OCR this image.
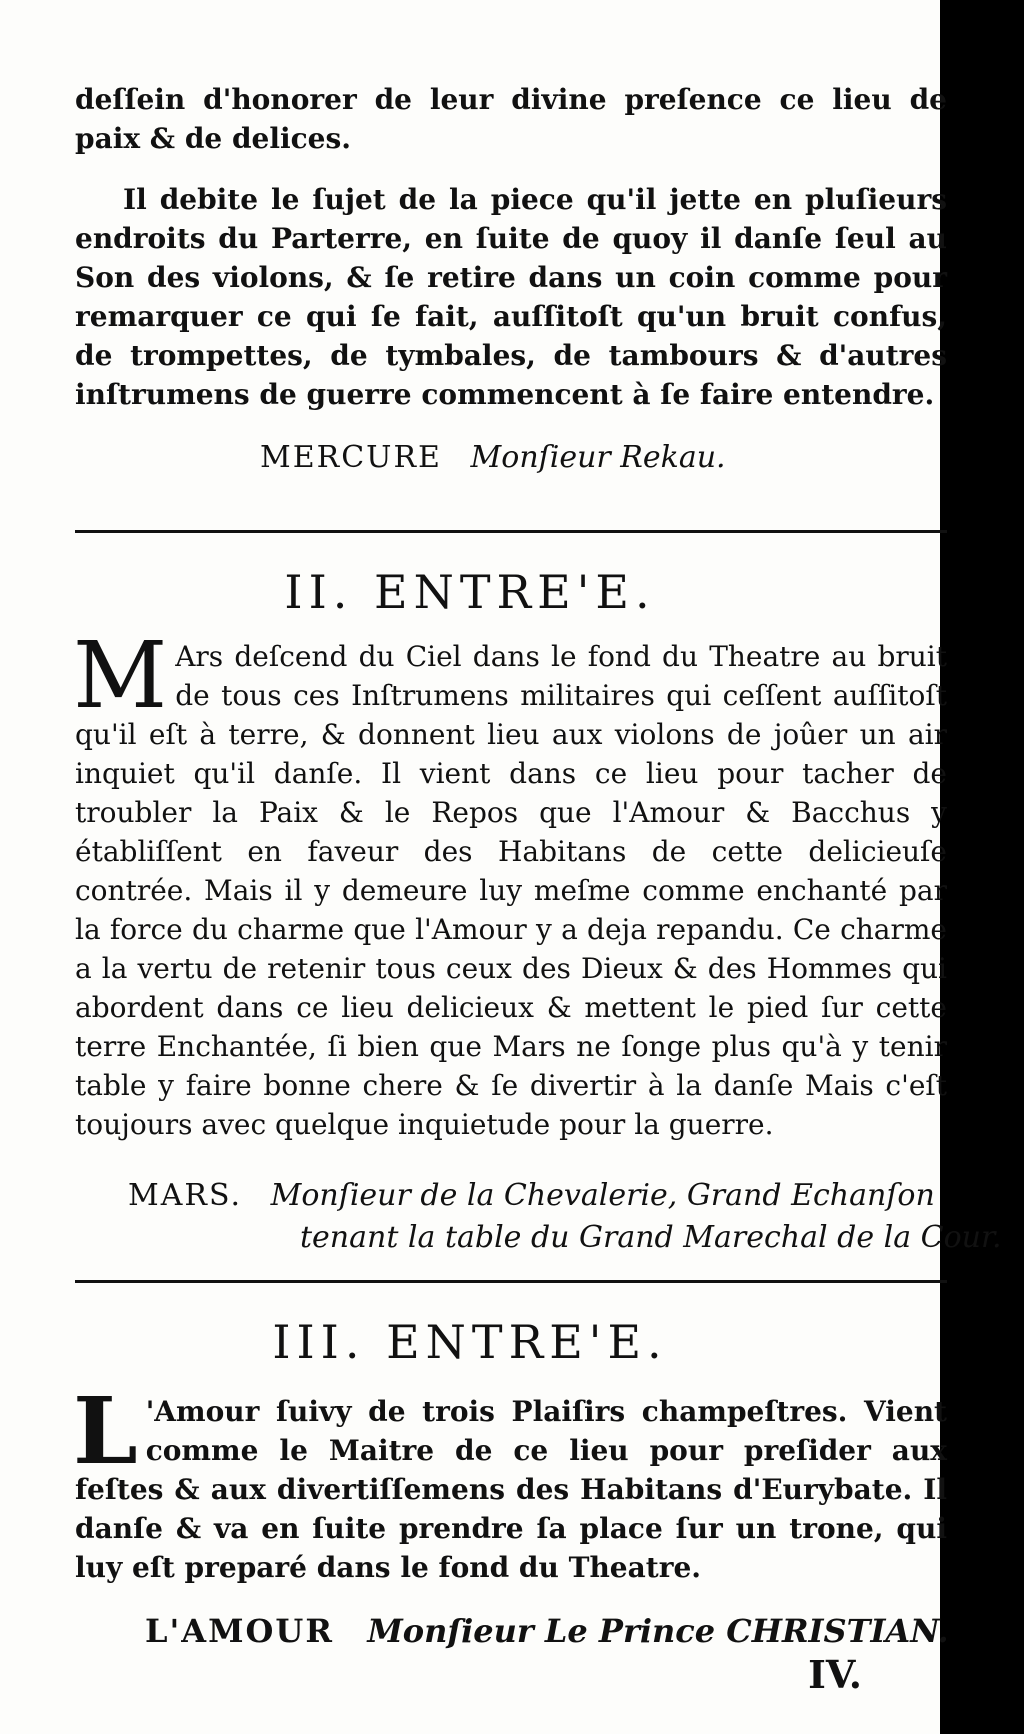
deſſein d'honorer de leur divine preſence ce lieu de paix & de delices.

Il debite le ſujet de la piece qu'il jette en pluſieurs endroits du Parterre, en ſuite de quoy il danſe ſeul au Son des violons, & ſe retire dans un coin comme pour remarquer ce qui ſe fait, auſſitoſt qu'un bruit confus, de trompettes, de tymbales, de tambours & d'autres inſtrumens de guerre commencent à ſe faire entendre.

MERCURE Monſieur Rekau.
II. ENTRE'E.

M Ars deſcend du Ciel dans le fond du Theatre au bruit de tous ces Inſtrumens militaires qui ceſſent auſſitoſt qu'il eſt à terre, & donnent lieu aux violons de joûer un air inquiet qu'il danſe. Il vient dans ce lieu pour tacher de troubler la Paix & le Repos que l'Amour & Bacchus y établiſſent en faveur des Habitans de cette delicieuſe contrée. Mais il y demeure luy meſme comme enchanté par la force du charme que l'Amour y a deja repandu. Ce charme a la vertu de retenir tous ceux des Dieux & des Hommes qui abordent dans ce lieu delicieux & mettent le pied ſur cette terre Enchantée, ſi bien que Mars ne ſonge plus qu'à y tenir table y faire bonne chere & ſe divertir à la danſe Mais c'eſt toujours avec quelque inquietude pour la guerre.

MARS. Monſieur de la Chevalerie, Grand Echanſon
tenant la table du Grand Marechal de la Cour.
III. ENTRE'E.

L 'Amour ſuivy de trois Plaiſirs champeſtres. Vient comme le Maitre de ce lieu pour preſider aux feſtes & aux divertiſſemens des Habitans d'Eurybate. Il danſe & va en ſuite prendre ſa place ſur un trone, qui luy eſt preparé dans le fond du Theatre.

L'AMOUR Monſieur Le Prince CHRISTIAN.
IV.
